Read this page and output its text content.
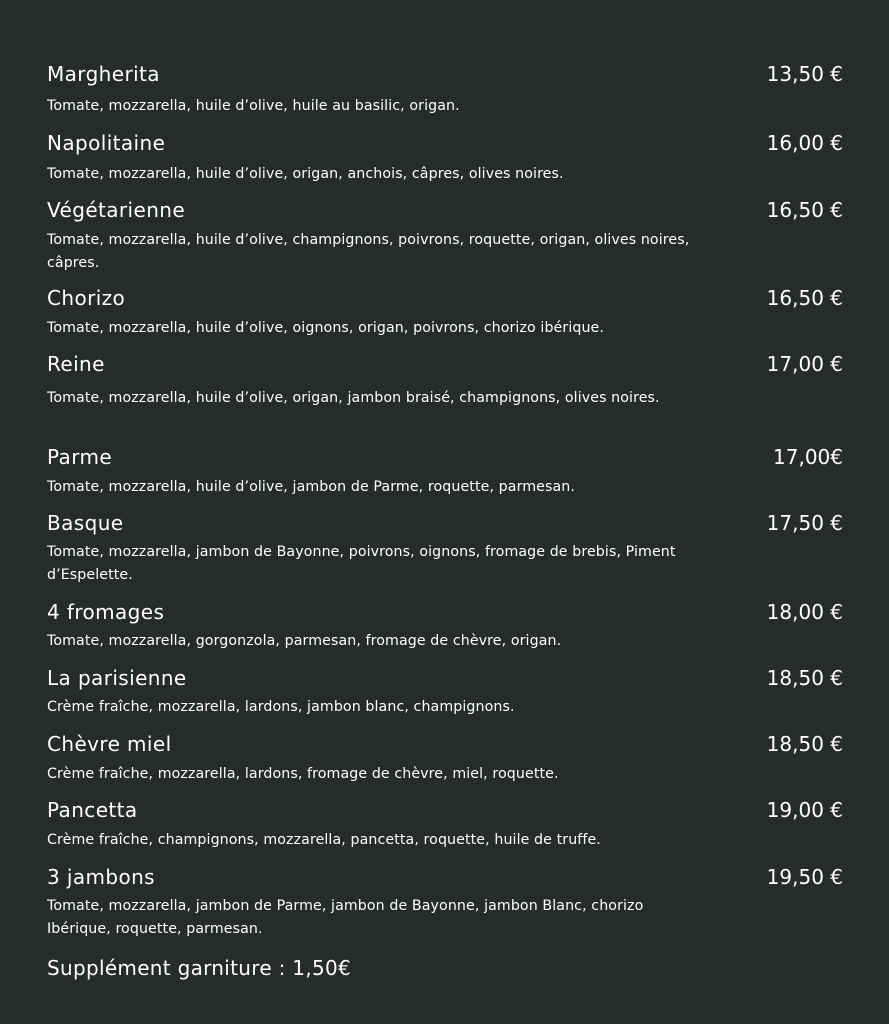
Margherita	13,50 €
Tomate, mozzarella, huile d’olive, huile au basilic, origan.
Napolitaine	16,00 €
Tomate, mozzarella, huile d’olive, origan, anchois, câpres, olives noires.
Végétarienne	16,50 €
Tomate, mozzarella, huile d’olive, champignons, poivrons, roquette, origan, olives noires, câpres.
Chorizo	16,50 €
Tomate, mozzarella, huile d’olive, oignons, origan, poivrons, chorizo ibérique.
Reine	17,00 €
Tomate, mozzarella, huile d’olive, origan, jambon braisé, champignons, olives noires.
Parme	17,00€
Tomate, mozzarella, huile d’olive, jambon de Parme, roquette, parmesan.
Basque	17,50 €
Tomate, mozzarella, jambon de Bayonne, poivrons, oignons, fromage de brebis, Piment d’Espelette.
4 fromages	18,00 €
Tomate, mozzarella, gorgonzola, parmesan, fromage de chèvre, origan.
La parisienne	18,50 €
Crème fraîche, mozzarella, lardons, jambon blanc, champignons.
Chèvre miel	18,50 €
Crème fraîche, mozzarella, lardons, fromage de chèvre, miel, roquette.
Pancetta	19,00 €
Crème fraîche, champignons, mozzarella, pancetta, roquette, huile de truffe.
3 jambons	19,50 €
Tomate, mozzarella, jambon de Parme, jambon de Bayonne, jambon Blanc, chorizo Ibérique, roquette, parmesan.
Supplément garniture : 1,50€
